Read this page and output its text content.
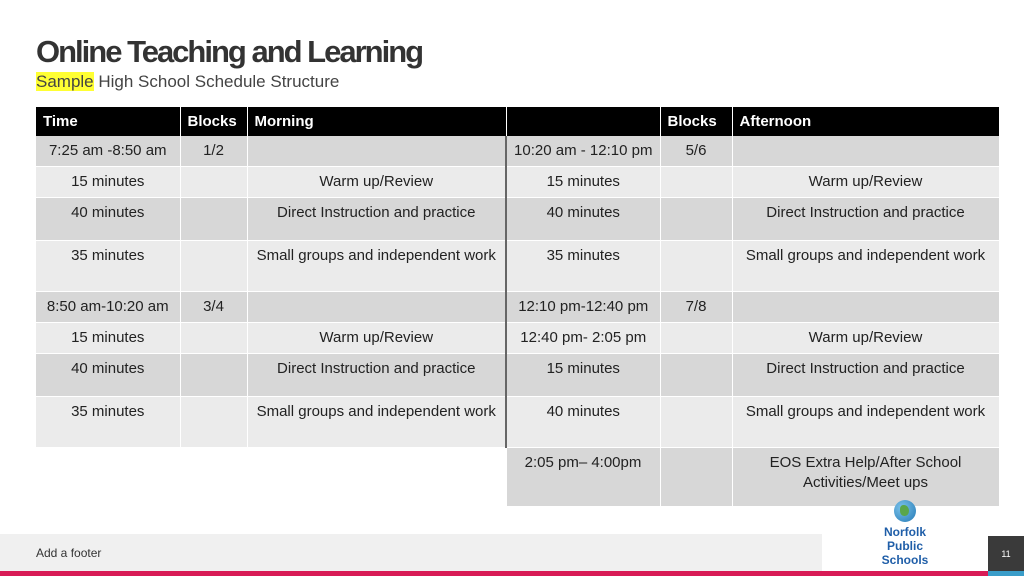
Online Teaching and Learning
Sample High School Schedule Structure
Time	Blocks	Morning		Blocks	Afternoon
7:25 am -8:50 am	1/2		10:20 am - 12:10 pm	5/6	
15 minutes		Warm up/Review	15 minutes		Warm up/Review
40 minutes		Direct Instruction and practice	40 minutes		Direct Instruction and practice
35 minutes		Small groups and independent work	35 minutes		Small groups and independent work
8:50 am-10:20 am	3/4		12:10 pm-12:40 pm	7/8	
15 minutes		Warm up/Review	12:40 pm- 2:05 pm		Warm up/Review
40 minutes		Direct Instruction and practice	15 minutes		Direct Instruction and practice
35 minutes		Small groups and independent work	40 minutes		Small groups and independent work
			2:05 pm– 4:00pm		EOS Extra Help/After School Activities/Meet ups
Add a footer
Norfolk
Public
Schools	11
